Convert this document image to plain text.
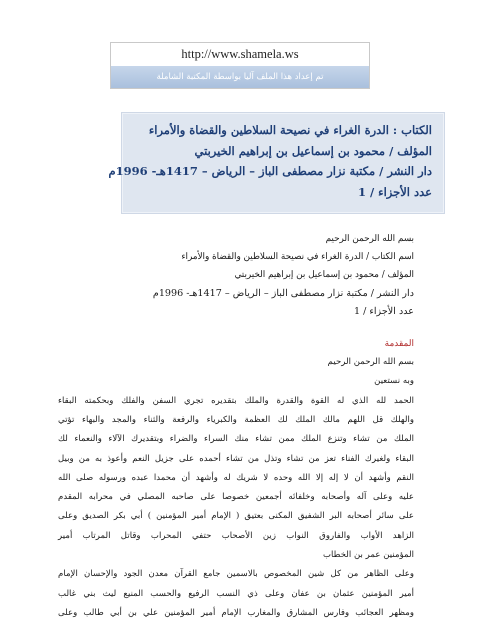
http://www.shamela.ws
تم إعداد هذا الملف آليا بواسطة المكتبة الشاملة
الكتاب : الدرة الغراء في نصيحة السلاطين والقضاة والأمراء
المؤلف / محمود بن إسماعيل بن إبراهيم الخيربتي
دار النشر / مكتبة نزار مصطفى الباز – الرياض – 1417هـ- 1996م
عدد الأجزاء / 1
بسم الله الرحمن الرحيم
اسم الكتاب / الدرة الغراء في نصيحة السلاطين والقضاة والأمراء
المؤلف / محمود بن إسماعيل بن إبراهيم الخيربتي
دار النشر / مكتبة نزار مصطفى الباز – الرياض – 1417هـ- 1996م
عدد الأجزاء / 1
المقدمة
بسم الله الرحمن الرحيم
وبه نستعين
الحمد لله الذي له القوة والقدرة والملك بتقديره تجري السفن والفلك وبحكمته البقاء
والهلك قل اللهم مالك الملك لك العظمة والكبرياء والرفعة والثناء والمجد والبهاء تؤتي
الملك من تشاء وتنزع الملك ممن تشاء منك السراء والضراء وبتقديرك الآلاء والنعماء لك
البقاء ولغيرك الفناء تعز من تشاء وتذل من تشاء أحمده على جزيل النعم وأعوذ به من وبيل
النقم وأشهد أن لا إله إلا الله وحده لا شريك له وأشهد أن محمدا عبده ورسوله صلى الله
عليه وعلى آله وأصحابه وخلفائه أجمعين خصوصا على صاحبه المصلي في محرابه المقدم
على سائر أصحابه البر الشفيق المكنى بعتيق ( الإمام أمير المؤمنين ) أبي بكر الصديق وعلى
الزاهد الأواب والفاروق النواب زين الأصحاب حتفي المحراب وقاتل المرتاب أمير
المؤمنين عمر بن الخطاب
وعلى الظاهر من كل شين المخصوص بالاسمين جامع القرآن معدن الجود والإحسان الإمام
أمير المؤمنين عثمان بن عفان وعلى ذي النسب الرفيع والحسب المنيع ليث بني غالب
ومظهر العجائب وفارس المشارق والمغارب الإمام أمير المؤمنين علي بن أبي طالب وعلى
